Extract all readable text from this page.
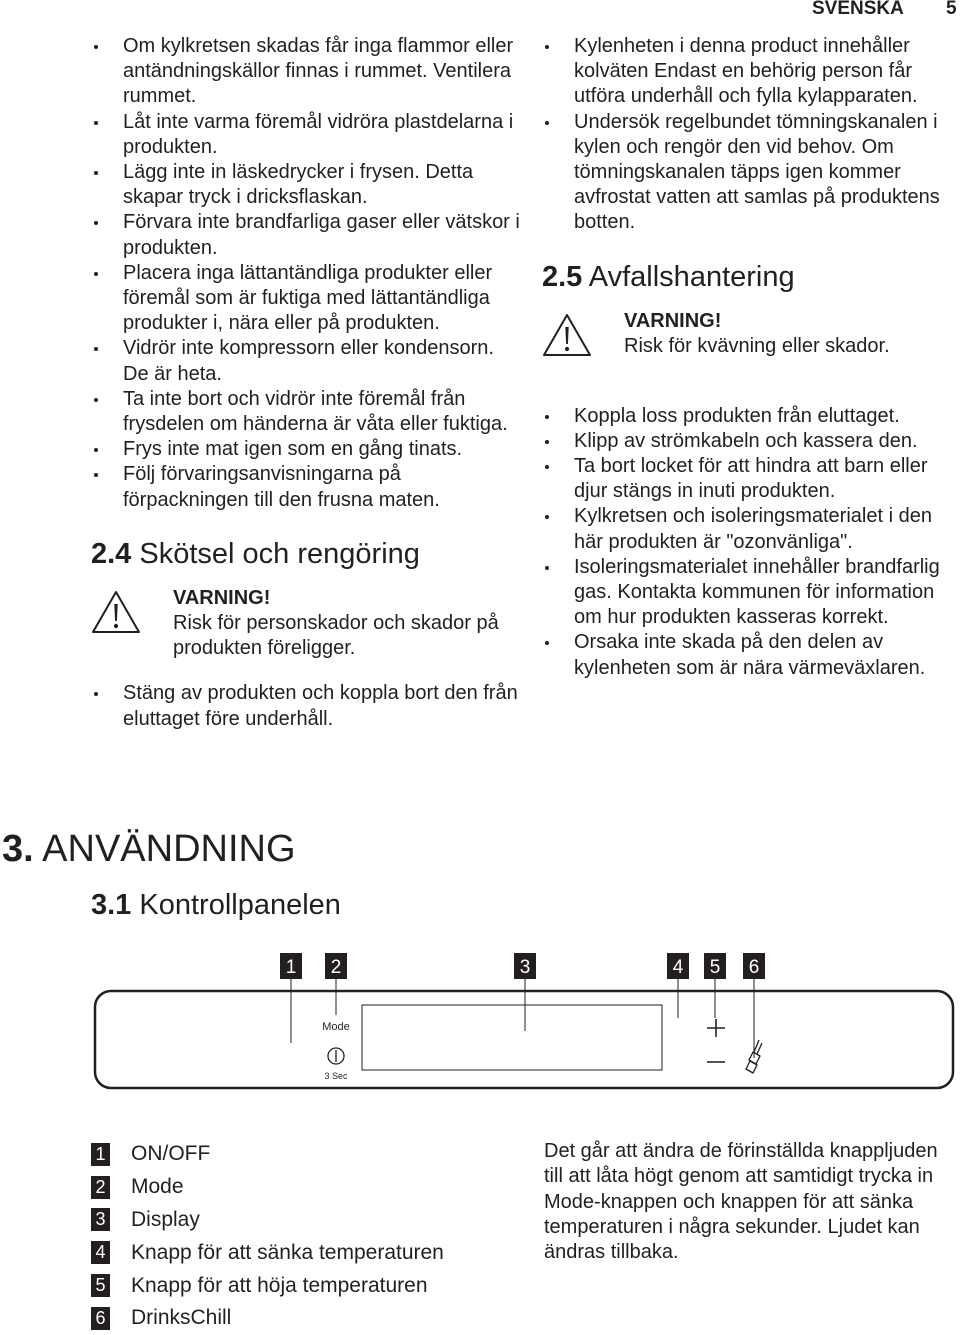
SVENSKA 5
Om kylkretsen skadas får inga flammor eller antändningskällor finnas i rummet. Ventilera rummet.
Låt inte varma föremål vidröra plastdelarna i produkten.
Lägg inte in läskedrycker i frysen. Detta skapar tryck i dricksflaskan.
Förvara inte brandfarliga gaser eller vätskor i produkten.
Placera inga lättantändliga produkter eller föremål som är fuktiga med lättantändliga produkter i, nära eller på produkten.
Vidrör inte kompressorn eller kondensorn. De är heta.
Ta inte bort och vidrör inte föremål från frysdelen om händerna är våta eller fuktiga.
Frys inte mat igen som en gång tinats.
Följ förvaringsanvisningarna på förpackningen till den frusna maten.
2.4 Skötsel och rengöring
VARNING!
Risk för personskador och skador på produkten föreligger.
Stäng av produkten och koppla bort den från eluttaget före underhåll.
Kylenheten i denna product innehåller kolväten Endast en behörig person får utföra underhåll och fylla kylapparaten.
Undersök regelbundet tömningskanalen i kylen och rengör den vid behov. Om tömningskanalen täpps igen kommer avfrostat vatten att samlas på produktens botten.
2.5 Avfallshantering
VARNING!
Risk för kvävning eller skador.
Koppla loss produkten från eluttaget.
Klipp av strömkabeln och kassera den.
Ta bort locket för att hindra att barn eller djur stängs in inuti produkten.
Kylkretsen och isoleringsmaterialet i den här produkten är "ozonvänliga".
Isoleringsmaterialet innehåller brandfarlig gas. Kontakta kommunen för information om hur produkten kasseras korrekt.
Orsaka inte skada på den delen av kylenheten som är nära värmeväxlaren.
3. ANVÄNDNING
3.1 Kontrollpanelen
1 2	3	4 5 6
Mode
3 Sec
1 ON/OFF
2 Mode
3 Display
4 Knapp för att sänka temperaturen
5 Knapp för att höja temperaturen
6 DrinksChill
Det går att ändra de förinställda knappljuden till att låta högt genom att samtidigt trycka in Mode-knappen och knappen för att sänka temperaturen i några sekunder. Ljudet kan ändras tillbaka.
